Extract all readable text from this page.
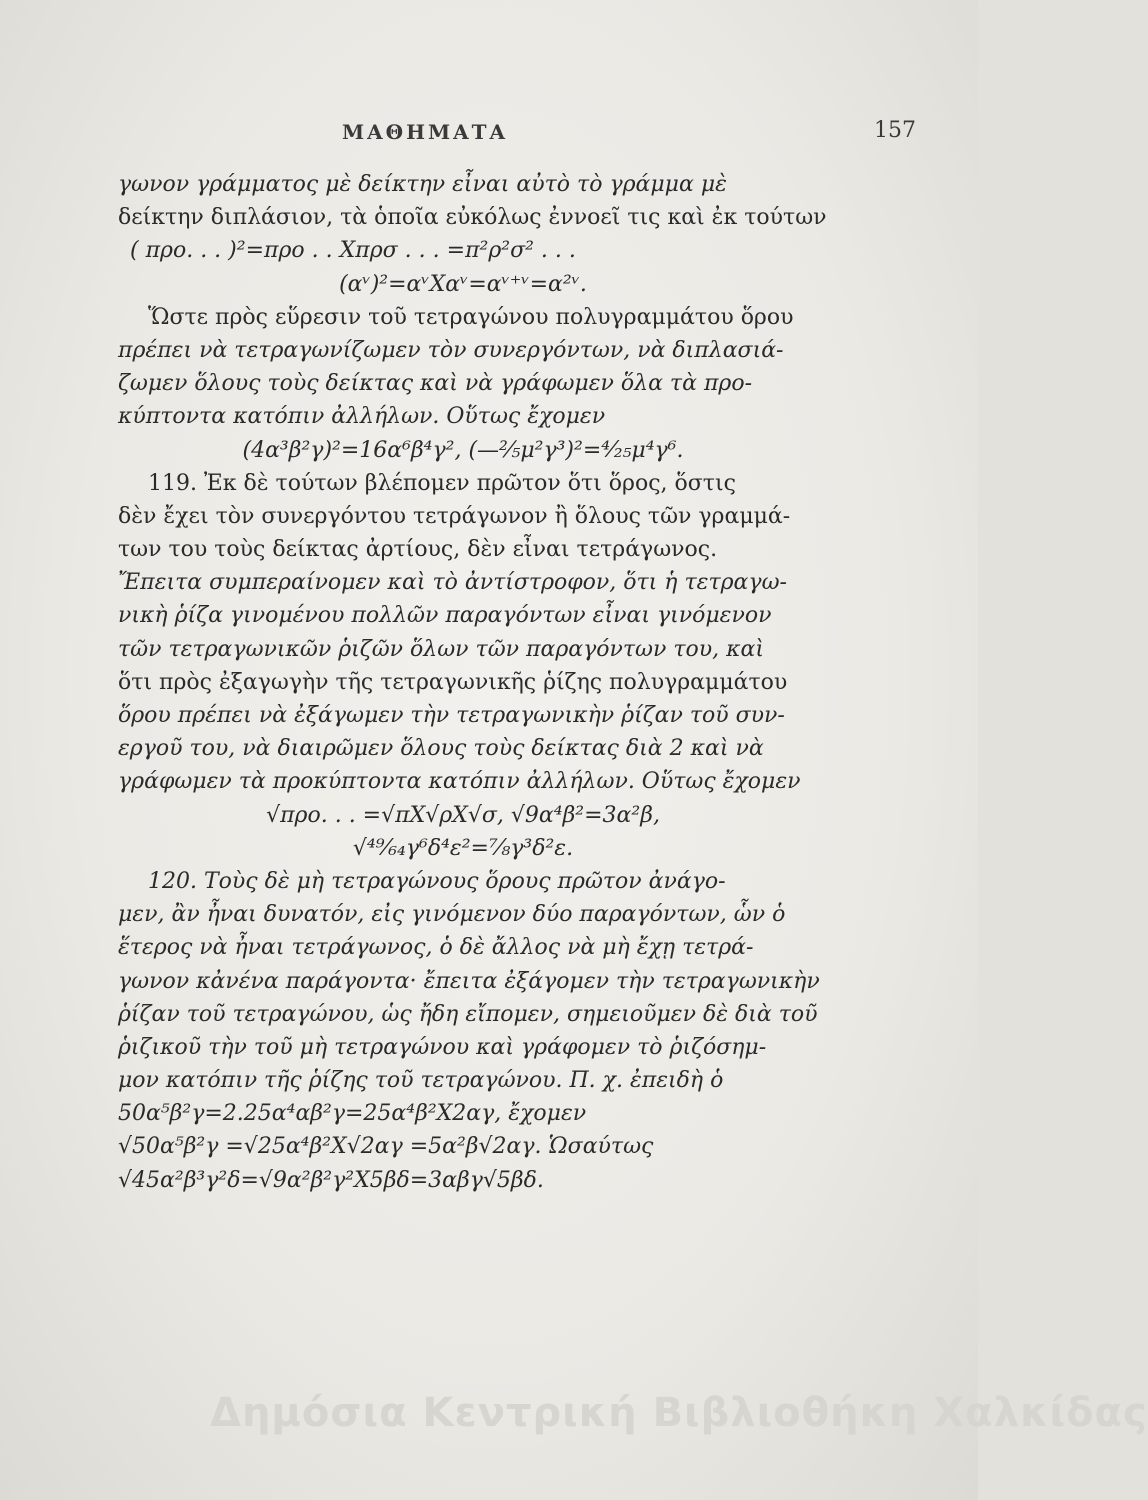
ΜΑΘΗΜΑΤΑ	157
γωνον γράμματος μὲ δείκτην εἶναι αὐτὸ τὸ γράμμα μὲ
δείκτην διπλάσιον, τὰ ὁποῖα εὐκόλως ἐννοεῖ τις καὶ ἐκ τούτων
( προ. . . )²=προ . . Χπρσ . . . =π²ρ²σ² . . .
(αᵛ)²=αᵛΧαᵛ=αᵛ⁺ᵛ=α²ᵛ.
Ὥστε πρὸς εὕρεσιν τοῦ τετραγώνου πολυγραμμάτου ὅρου
πρέπει νὰ τετραγωνίζωμεν τὸν συνεργόντων, νὰ διπλασιά-
ζωμεν ὅλους τοὺς δείκτας καὶ νὰ γράφωμεν ὅλα τὰ προ-
κύπτοντα κατόπιν ἀλλήλων. Οὕτως ἔχομεν
(4α³β²γ)²=16α⁶β⁴γ², (—⅖μ²γ³)²=⁴⁄₂₅μ⁴γ⁶.
119. Ἐκ δὲ τούτων βλέπομεν πρῶτον ὅτι ὅρος, ὅστις
δὲν ἔχει τὸν συνεργόντου τετράγωνον ἢ ὅλους τῶν γραμμά-
των του τοὺς δείκτας ἀρτίους, δὲν εἶναι τετράγωνος.
Ἔπειτα συμπεραίνομεν καὶ τὸ ἀντίστροφον, ὅτι ἡ τετραγω-
νικὴ ῥίζα γινομένου πολλῶν παραγόντων εἶναι γινόμενον
τῶν τετραγωνικῶν ῥιζῶν ὅλων τῶν παραγόντων του, καὶ
ὅτι πρὸς ἐξαγωγὴν τῆς τετραγωνικῆς ῥίζης πολυγραμμάτου
ὅρου πρέπει νὰ ἐξάγωμεν τὴν τετραγωνικὴν ῥίζαν τοῦ συν-
εργοῦ του, νὰ διαιρῶμεν ὅλους τοὺς δείκτας διὰ 2 καὶ νὰ
γράφωμεν τὰ προκύπτοντα κατόπιν ἀλλήλων. Οὕτως ἔχομεν
√προ. . . =√πΧ√ρΧ√σ, √9α⁴β²=3α²β,
√⁴⁹⁄₆₄γ⁶δ⁴ε²=⁷⁄₈γ³δ²ε.
120. Τοὺς δὲ μὴ τετραγώνους ὅρους πρῶτον ἀνάγο-
μεν, ἂν ἦναι δυνατόν, εἰς γινόμενον δύο παραγόντων, ὧν ὁ
ἕτερος νὰ ἦναι τετράγωνος, ὁ δὲ ἄλλος νὰ μὴ ἔχῃ τετρά-
γωνον κἀνένα παράγοντα· ἔπειτα ἐξάγομεν τὴν τετραγωνικὴν
ῥίζαν τοῦ τετραγώνου, ὡς ἤδη εἴπομεν, σημειοῦμεν δὲ διὰ τοῦ
ῥιζικοῦ τὴν τοῦ μὴ τετραγώνου καὶ γράφομεν τὸ ῥιζόσημ-
μον κατόπιν τῆς ῥίζης τοῦ τετραγώνου. Π. χ. ἐπειδὴ ὁ
50α⁵β²γ=2.25α⁴αβ²γ=25α⁴β²Χ2αγ, ἔχομεν
√50α⁵β²γ =√25α⁴β²Χ√2αγ =5α²β√2αγ. Ὡσαύτως
√45α²β³γ²δ=√9α²β²γ²Χ5βδ=3αβγ√5βδ.
Δημόσια Κεντρική Βιβλιοθήκη Χαλκίδας
